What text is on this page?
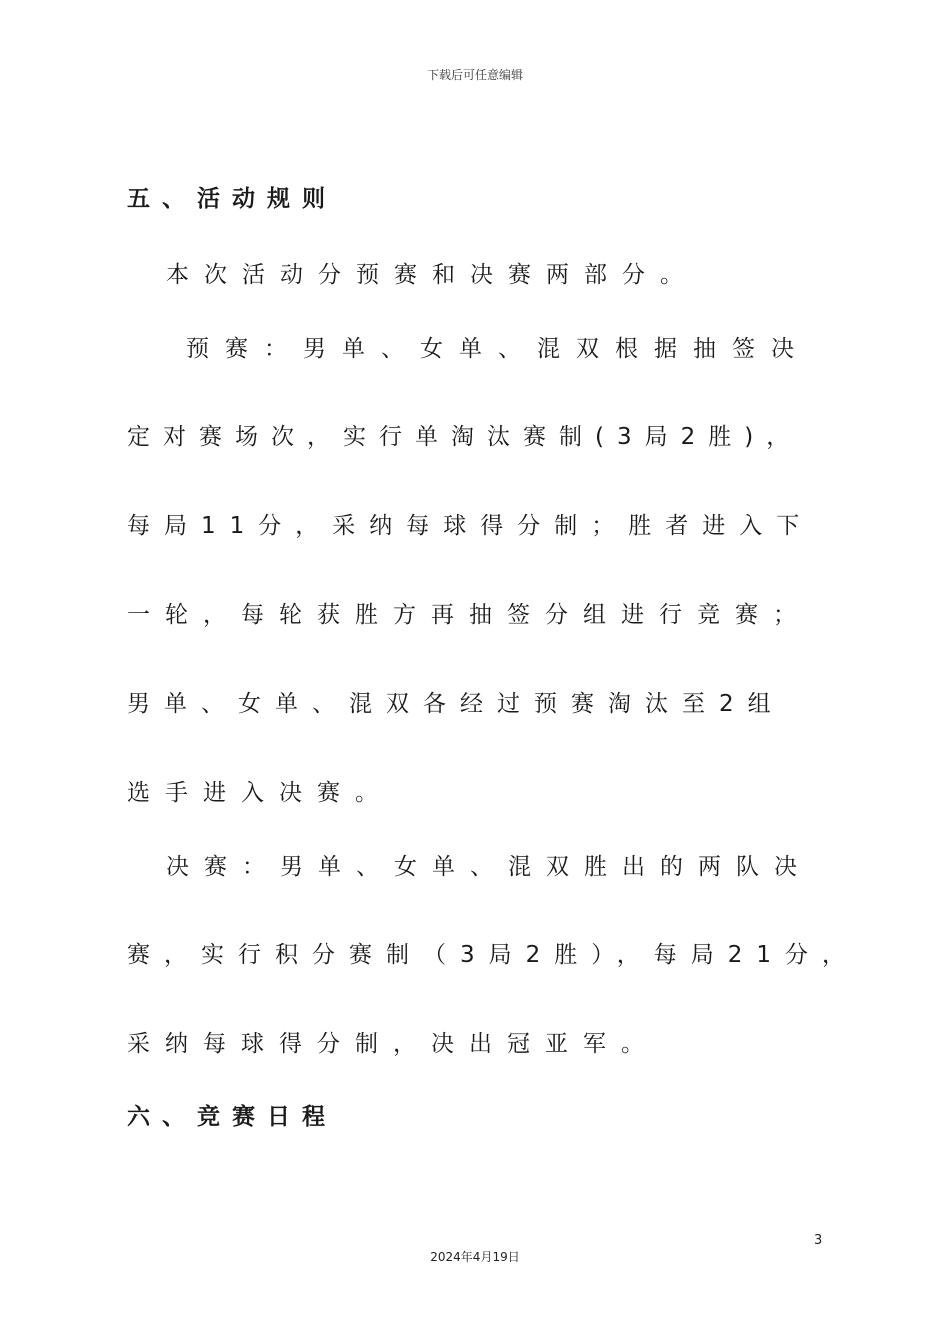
下载后可任意编辑
五、活动规则
本次活动分预赛和决赛两部分。
预赛：男单、女单、混双根据抽签决
定对赛场次，实行单淘汰赛制(3局2胜)，
每局11分，采纳每球得分制；胜者进入下
一轮，每轮获胜方再抽签分组进行竞赛；
男单、女单、混双各经过预赛淘汰至2组
选手进入决赛。
决赛：男单、女单、混双胜出的两队决
赛，实行积分赛制（3局2胜），每局21分，
采纳每球得分制，决出冠亚军。
六、竞赛日程
3
2024年4月19日
